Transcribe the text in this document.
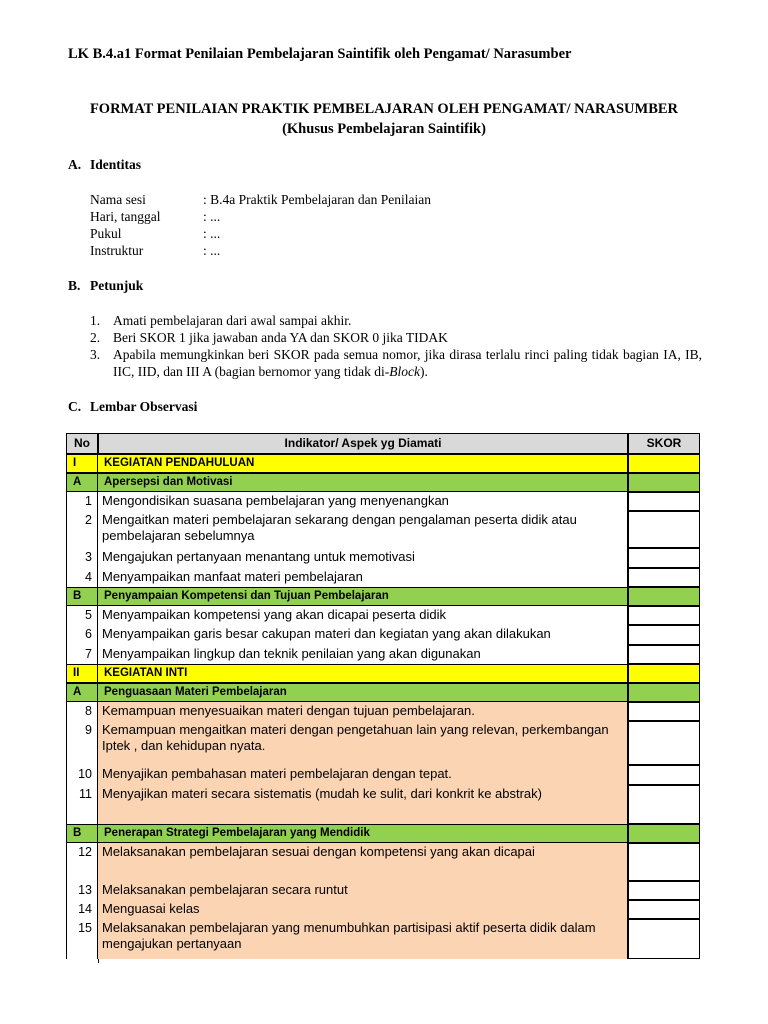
LK B.4.a1 Format Penilaian Pembelajaran Saintifik oleh Pengamat/ Narasumber
FORMAT PENILAIAN PRAKTIK PEMBELAJARAN OLEH PENGAMAT/ NARASUMBER
(Khusus Pembelajaran Saintifik)
A. Identitas
Nama sesi	: B.4a Praktik Pembelajaran dan Penilaian
Hari, tanggal	: ...
Pukul	: ...
Instruktur	: ...
B. Petunjuk
1. Amati pembelajaran dari awal sampai akhir.
2. Beri SKOR 1 jika jawaban anda YA dan SKOR 0 jika TIDAK
3. Apabila memungkinkan beri SKOR pada semua nomor, jika dirasa terlalu rinci paling tidak bagian IA, IB, IIC, IID, dan III A (bagian bernomor yang tidak di-Block).
C. Lembar Observasi
No	Indikator/ Aspek yg Diamati	SKOR
I	KEGIATAN PENDAHULUAN
A	Apersepsi dan Motivasi
1 Mengondisikan suasana pembelajaran yang menyenangkan
2 Mengaitkan materi pembelajaran sekarang dengan pengalaman peserta didik atau pembelajaran sebelumnya
3 Mengajukan pertanyaan menantang untuk memotivasi
4 Menyampaikan manfaat materi pembelajaran
B	Penyampaian Kompetensi dan Tujuan Pembelajaran
5 Menyampaikan kompetensi yang akan dicapai peserta didik
6 Menyampaikan garis besar cakupan materi dan kegiatan yang akan dilakukan
7 Menyampaikan lingkup dan teknik penilaian yang akan digunakan
II	KEGIATAN INTI
A	Penguasaan Materi Pembelajaran
8 Kemampuan menyesuaikan materi dengan tujuan pembelajaran.
9 Kemampuan mengaitkan materi dengan pengetahuan lain yang relevan, perkembangan Iptek , dan kehidupan nyata.
10 Menyajikan pembahasan materi pembelajaran dengan tepat.
11 Menyajikan materi secara sistematis (mudah ke sulit, dari konkrit ke abstrak)
B	Penerapan Strategi Pembelajaran yang Mendidik
12 Melaksanakan pembelajaran sesuai dengan kompetensi yang akan dicapai
13 Melaksanakan pembelajaran secara runtut
14 Menguasai kelas
15 Melaksanakan pembelajaran yang menumbuhkan partisipasi aktif peserta didik dalam mengajukan pertanyaan
